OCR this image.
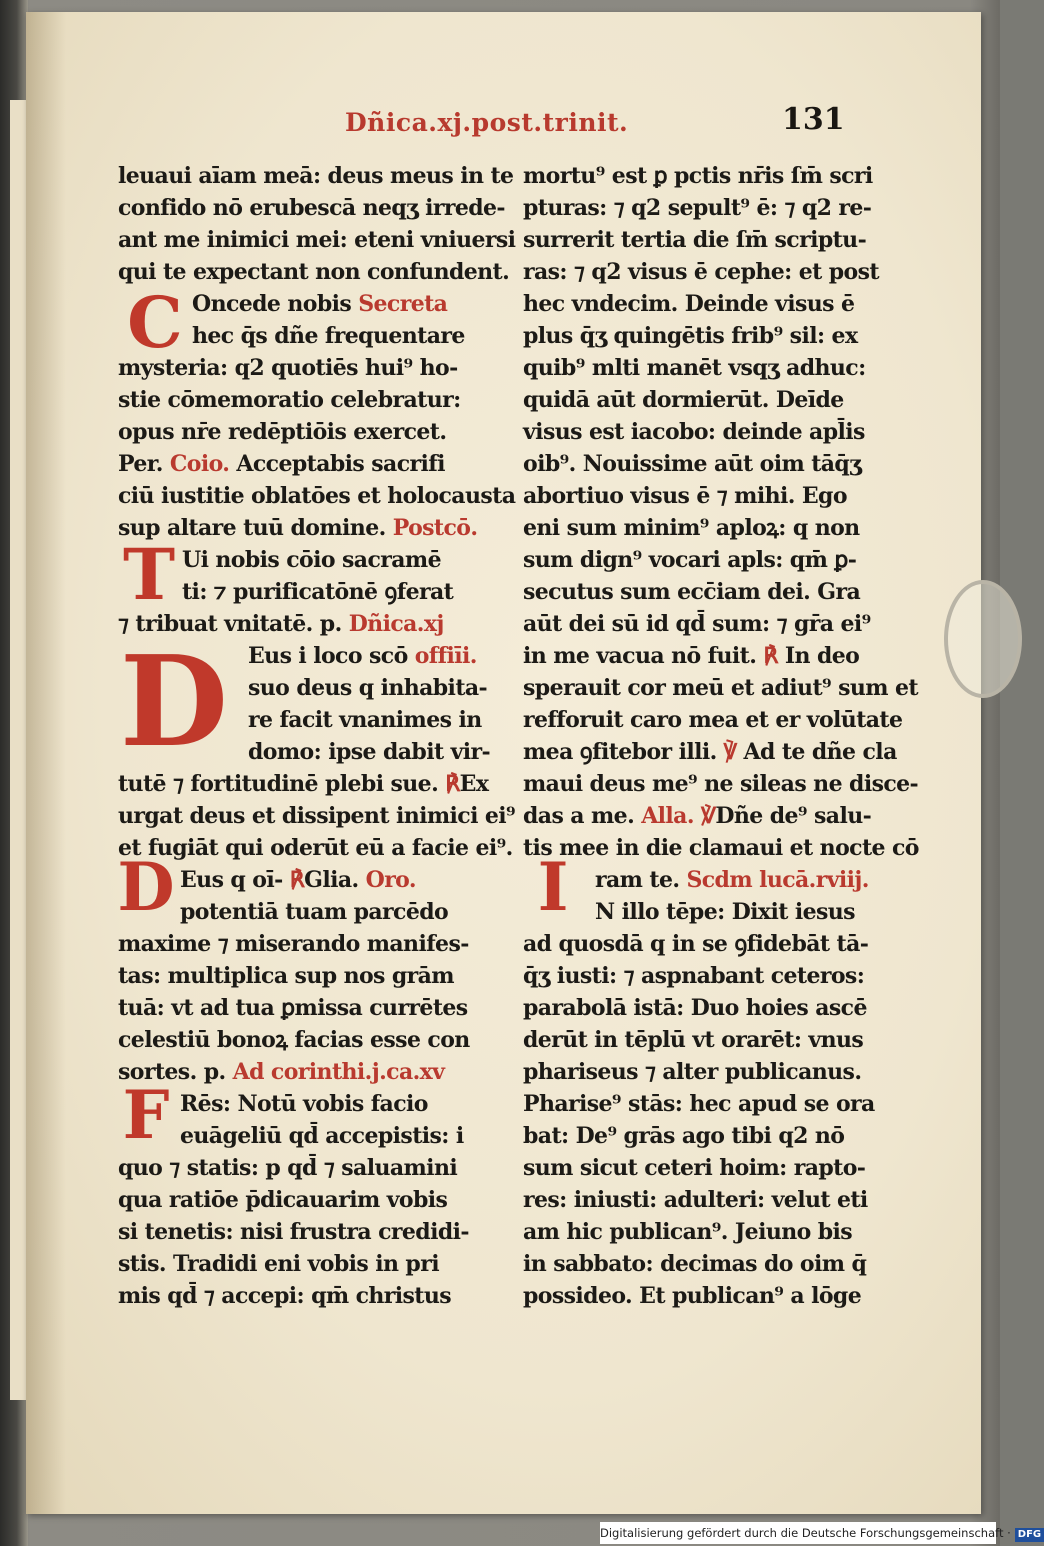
Dñica.xj.post.trinit.	131
leuaui aīam meā: deus meus in te
confido nō erubescā neqʒ irrede-
ant me inimici mei: eteni vniuersi
qui te expectant non confundent.
C Oncede nobis Secreta
hec q̄s dñe frequentare
mysteria: q2 quotiēs hui⁹ ho-
stie cōmemoratio celebratur:
opus nr̄e redēptiōis exercet.
Per. Coio. Acceptabis sacrifi
ciū iustitie oblatōes et holocausta
sup altare tuū domine. Postcō.
T Ui nobis cōio sacramē
ti: ⁊ purificatōnē ꝯferat
⁊ tribuat vnitatē. p. Dñica.xj
D Eus i loco scō offiīi.
suo deus q inhabita-
re facit vnanimes in
domo: ipse dabit vir-
tutē ⁊ fortitudinē plebi sue. ℟Ex
urgat deus et dissipent inimici ei⁹
et fugiāt qui oderūt eū a facie ei⁹.
D Eus q oī- ℟Glia. Oro.
potentiā tuam parcēdo
maxime ⁊ miserando manifes-
tas: multiplica sup nos grām
tuā: vt ad tua ꝑmissa currētes
celestiū bonoꝝ facias esse con
sortes. p. Ad corinthi.j.ca.xv
F Rēs: Notū vobis facio
euāgeliū qd̄ accepistis: i
quo ⁊ statis: p qd̄ ⁊ saluamini
qua ratiōe p̄dicauarim vobis
si tenetis: nisi frustra credidi-
stis. Tradidi eni vobis in pri
mis qd̄ ⁊ accepi: qm̄ christus
mortu⁹ est ꝑ pctis nr̄is ſm̄ scri
pturas: ⁊ q2 sepult⁹ ē: ⁊ q2 re-
surrerit tertia die ſm̄ scriptu-
ras: ⁊ q2 visus ē cephe: et post
hec vndecim. Deinde visus ē
plus q̄ʒ quingētis frib⁹ sil: ex
quib⁹ mlti manēt vsqʒ adhuc:
quidā aūt dormierūt. Deīde
visus est iacobo: deinde apl̄is
oib⁹. Nouissime aūt oim tāq̄ʒ
abortiuo visus ē ⁊ mihi. Ego
eni sum minim⁹ aploꝝ: q non
sum dign⁹ vocari apls: qm̄ ꝑ-
secutus sum ecc̄iam dei. Gra
aūt dei sū id qd̄ sum: ⁊ gr̄a ei⁹
in me vacua nō fuit. ℟ In deo
sperauit cor meū et adiut⁹ sum et
refforuit caro mea et er volūtate
mea ꝯfitebor illi. ℣ Ad te dñe cla
maui deus me⁹ ne sileas ne disce-
das a me. Alla. ℣Dñe de⁹ salu-
tis mee in die clamaui et nocte cō
I	ram te. Scdm lucā.rviij.
N illo tēpe: Dixit iesus
ad quosdā q in se ꝯfidebāt tā-
q̄ʒ iusti: ⁊ aspnabant ceteros:
parabolā istā: Duo hoies ascē
derūt in tēplū vt orarēt: vnus
phariseus ⁊ alter publicanus.
Pharise⁹ stās: hec apud se ora
bat: De⁹ grās ago tibi q2 nō
sum sicut ceteri hoim: rapto-
res: iniusti: adulteri: velut eti
am hic publican⁹. Jeiuno bis
in sabbato: decimas do oim q̄
possideo. Et publican⁹ a lōge
Digitalisierung gefördert durch die Deutsche Forschungsgemeinschaft · DFG
